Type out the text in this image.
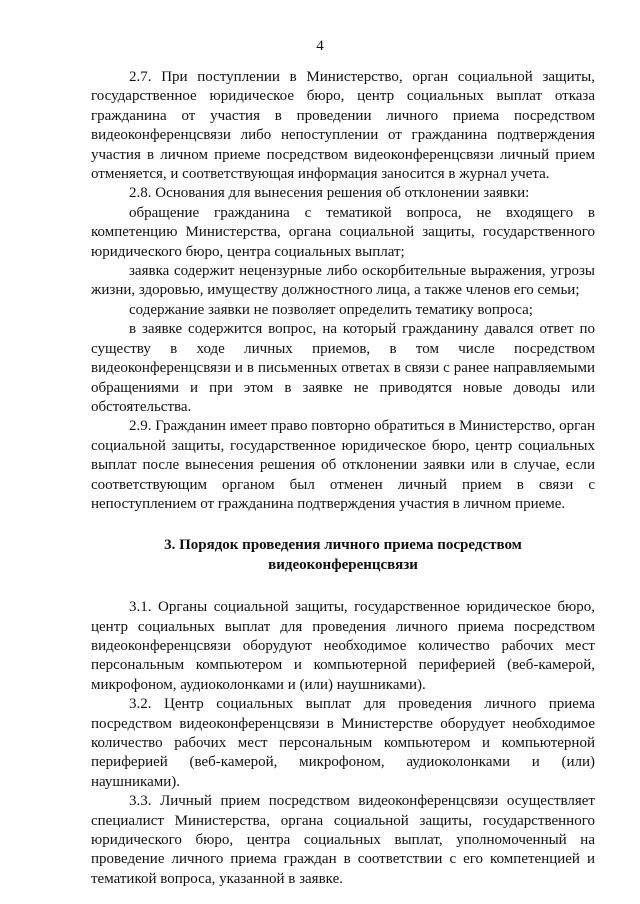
4

2.7. При поступлении в Министерство, орган социальной защиты, государственное юридическое бюро, центр социальных выплат отказа гражданина от участия в проведении личного приема посредством видеоконференцсвязи либо непоступлении от гражданина подтверждения участия в личном приеме посредством видеоконференцсвязи личный прием отменяется, и соответствующая информация заносится в журнал учета.

2.8. Основания для вынесения решения об отклонении заявки:

обращение гражданина с тематикой вопроса, не входящего в компетенцию Министерства, органа социальной защиты, государственного юридического бюро, центра социальных выплат;

заявка содержит нецензурные либо оскорбительные выражения, угрозы жизни, здоровью, имуществу должностного лица, а также членов его семьи;

содержание заявки не позволяет определить тематику вопроса;

в заявке содержится вопрос, на который гражданину давался ответ по существу в ходе личных приемов, в том числе посредством видеоконференцсвязи и в письменных ответах в связи с ранее направляемыми обращениями и при этом в заявке не приводятся новые доводы или обстоятельства.

2.9. Гражданин имеет право повторно обратиться в Министерство, орган социальной защиты, государственное юридическое бюро, центр социальных выплат после вынесения решения об отклонении заявки или в случае, если соответствующим органом был отменен личный прием в связи с непоступлением от гражданина подтверждения участия в личном приеме.

3. Порядок проведения личного приема посредством
видеоконференцсвязи

3.1. Органы социальной защиты, государственное юридическое бюро, центр социальных выплат для проведения личного приема посредством видеоконференцсвязи оборудуют необходимое количество рабочих мест персональным компьютером и компьютерной периферией (веб-камерой, микрофоном, аудиоколонками и (или) наушниками).

3.2. Центр социальных выплат для проведения личного приема посредством видеоконференцсвязи в Министерстве оборудует необходимое количество рабочих мест персональным компьютером и компьютерной периферией (веб-камерой, микрофоном, аудиоколонками и (или) наушниками).

3.3. Личный прием посредством видеоконференцсвязи осуществляет специалист Министерства, органа социальной защиты, государственного юридического бюро, центра социальных выплат, уполномоченный на проведение личного приема граждан в соответствии с его компетенцией и тематикой вопроса, указанной в заявке.
